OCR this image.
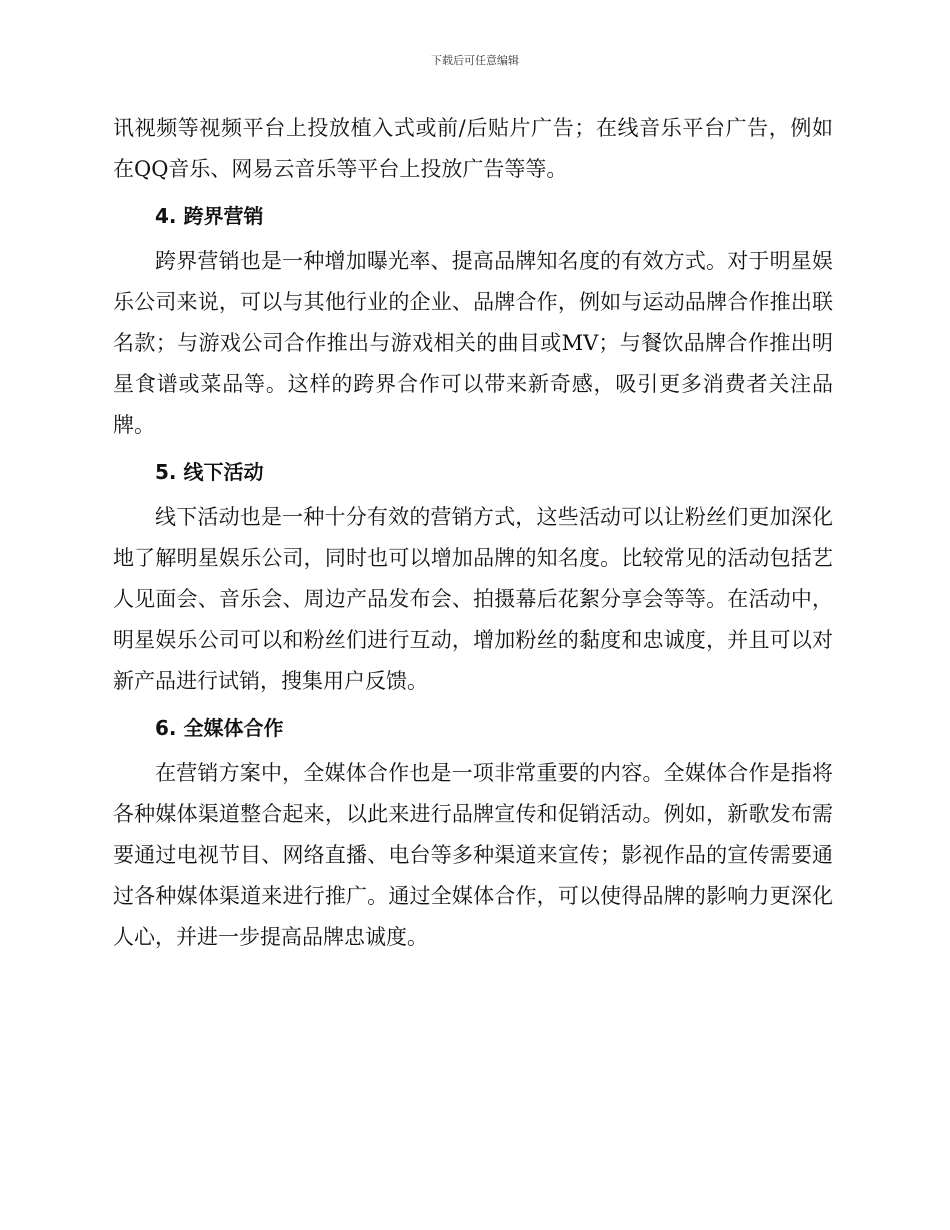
下载后可任意编辑

讯视频等视频平台上投放植入式或前/后贴片广告；在线音乐平台广告，例如在QQ音乐、网易云音乐等平台上投放广告等等。

4. 跨界营销

跨界营销也是一种增加曝光率、提高品牌知名度的有效方式。对于明星娱乐公司来说，可以与其他行业的企业、品牌合作，例如与运动品牌合作推出联名款；与游戏公司合作推出与游戏相关的曲目或MV；与餐饮品牌合作推出明星食谱或菜品等。这样的跨界合作可以带来新奇感，吸引更多消费者关注品牌。

5. 线下活动

线下活动也是一种十分有效的营销方式，这些活动可以让粉丝们更加深化地了解明星娱乐公司，同时也可以增加品牌的知名度。比较常见的活动包括艺人见面会、音乐会、周边产品发布会、拍摄幕后花絮分享会等等。在活动中，明星娱乐公司可以和粉丝们进行互动，增加粉丝的黏度和忠诚度，并且可以对新产品进行试销，搜集用户反馈。

6. 全媒体合作

在营销方案中，全媒体合作也是一项非常重要的内容。全媒体合作是指将各种媒体渠道整合起来，以此来进行品牌宣传和促销活动。例如，新歌发布需要通过电视节目、网络直播、电台等多种渠道来宣传；影视作品的宣传需要通过各种媒体渠道来进行推广。通过全媒体合作，可以使得品牌的影响力更深化人心，并进一步提高品牌忠诚度。
